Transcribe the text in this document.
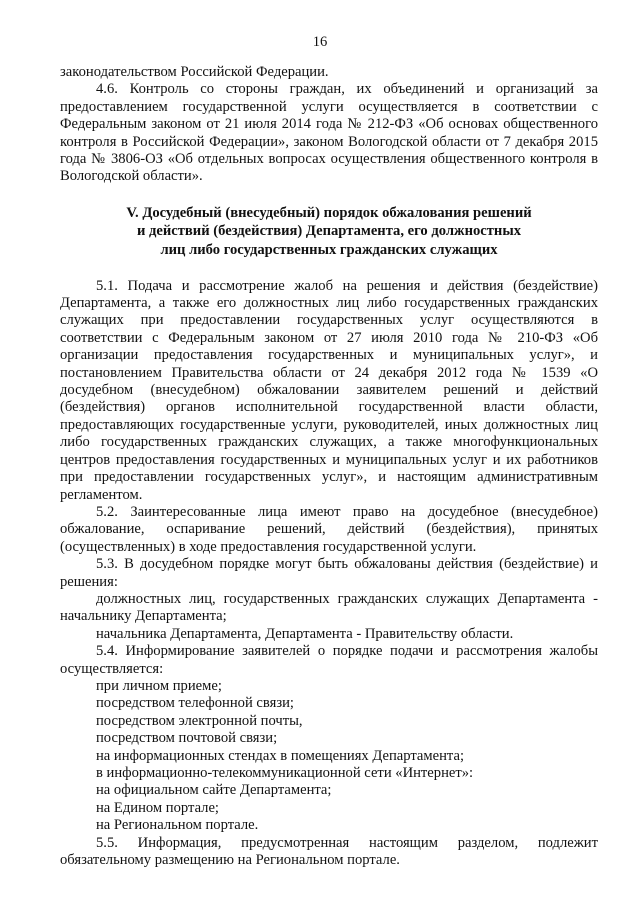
16

законодательством Российской Федерации.

4.6. Контроль со стороны граждан, их объединений и организаций за предоставлением государственной услуги осуществляется в соответствии с Федеральным законом от 21 июля 2014 года № 212-ФЗ «Об основах общественного контроля в Российской Федерации», законом Вологодской области от 7 декабря 2015 года № 3806-ОЗ «Об отдельных вопросах осуществления общественного контроля в Вологодской области».

V. Досудебный (внесудебный) порядок обжалования решений
и действий (бездействия) Департамента, его должностных
лиц либо государственных гражданских служащих

5.1. Подача и рассмотрение жалоб на решения и действия (бездействие) Департамента, а также его должностных лиц либо государственных гражданских служащих при предоставлении государственных услуг осуществляются в соответствии с Федеральным законом от 27 июля 2010 года № 210-ФЗ «Об организации предоставления государственных и муниципальных услуг», и постановлением Правительства области от 24 декабря 2012 года № 1539 «О досудебном (внесудебном) обжаловании заявителем решений и действий (бездействия) органов исполнительной государственной власти области, предоставляющих государственные услуги, руководителей, иных должностных лиц либо государственных гражданских служащих, а также многофункциональных центров предоставления государственных и муниципальных услуг и их работников при предоставлении государственных услуг», и настоящим административным регламентом.

5.2. Заинтересованные лица имеют право на досудебное (внесудебное) обжалование, оспаривание решений, действий (бездействия), принятых (осуществленных) в ходе предоставления государственной услуги.

5.3. В досудебном порядке могут быть обжалованы действия (бездействие) и решения:

должностных лиц, государственных гражданских служащих Департамента - начальнику Департамента;

начальника Департамента, Департамента - Правительству области.

5.4. Информирование заявителей о порядке подачи и рассмотрения жалобы осуществляется:

при личном приеме;

посредством телефонной связи;

посредством электронной почты,

посредством почтовой связи;

на информационных стендах в помещениях Департамента;

в информационно-телекоммуникационной сети «Интернет»:

на официальном сайте Департамента;

на Едином портале;

на Региональном портале.

5.5. Информация, предусмотренная настоящим разделом, подлежит обязательному размещению на Региональном портале.
